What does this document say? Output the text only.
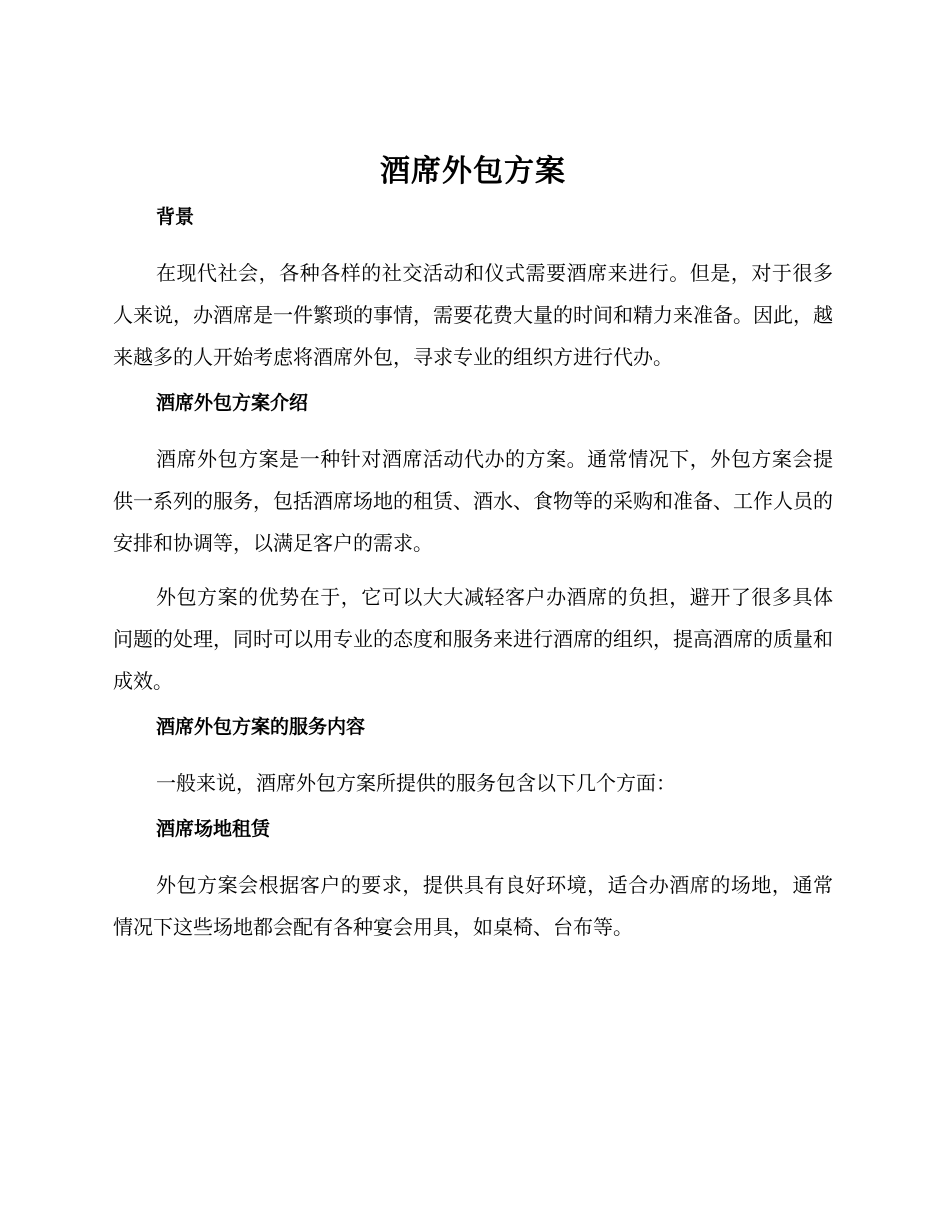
酒席外包方案
背景

在现代社会，各种各样的社交活动和仪式需要酒席来进行。但是，对于很多人来说，办酒席是一件繁琐的事情，需要花费大量的时间和精力来准备。因此，越来越多的人开始考虑将酒席外包，寻求专业的组织方进行代办。

酒席外包方案介绍

酒席外包方案是一种针对酒席活动代办的方案。通常情况下，外包方案会提供一系列的服务，包括酒席场地的租赁、酒水、食物等的采购和准备、工作人员的安排和协调等，以满足客户的需求。

外包方案的优势在于，它可以大大减轻客户办酒席的负担，避开了很多具体问题的处理，同时可以用专业的态度和服务来进行酒席的组织，提高酒席的质量和成效。

酒席外包方案的服务内容

一般来说，酒席外包方案所提供的服务包含以下几个方面：

酒席场地租赁

外包方案会根据客户的要求，提供具有良好环境，适合办酒席的场地，通常情况下这些场地都会配有各种宴会用具，如桌椅、台布等。
